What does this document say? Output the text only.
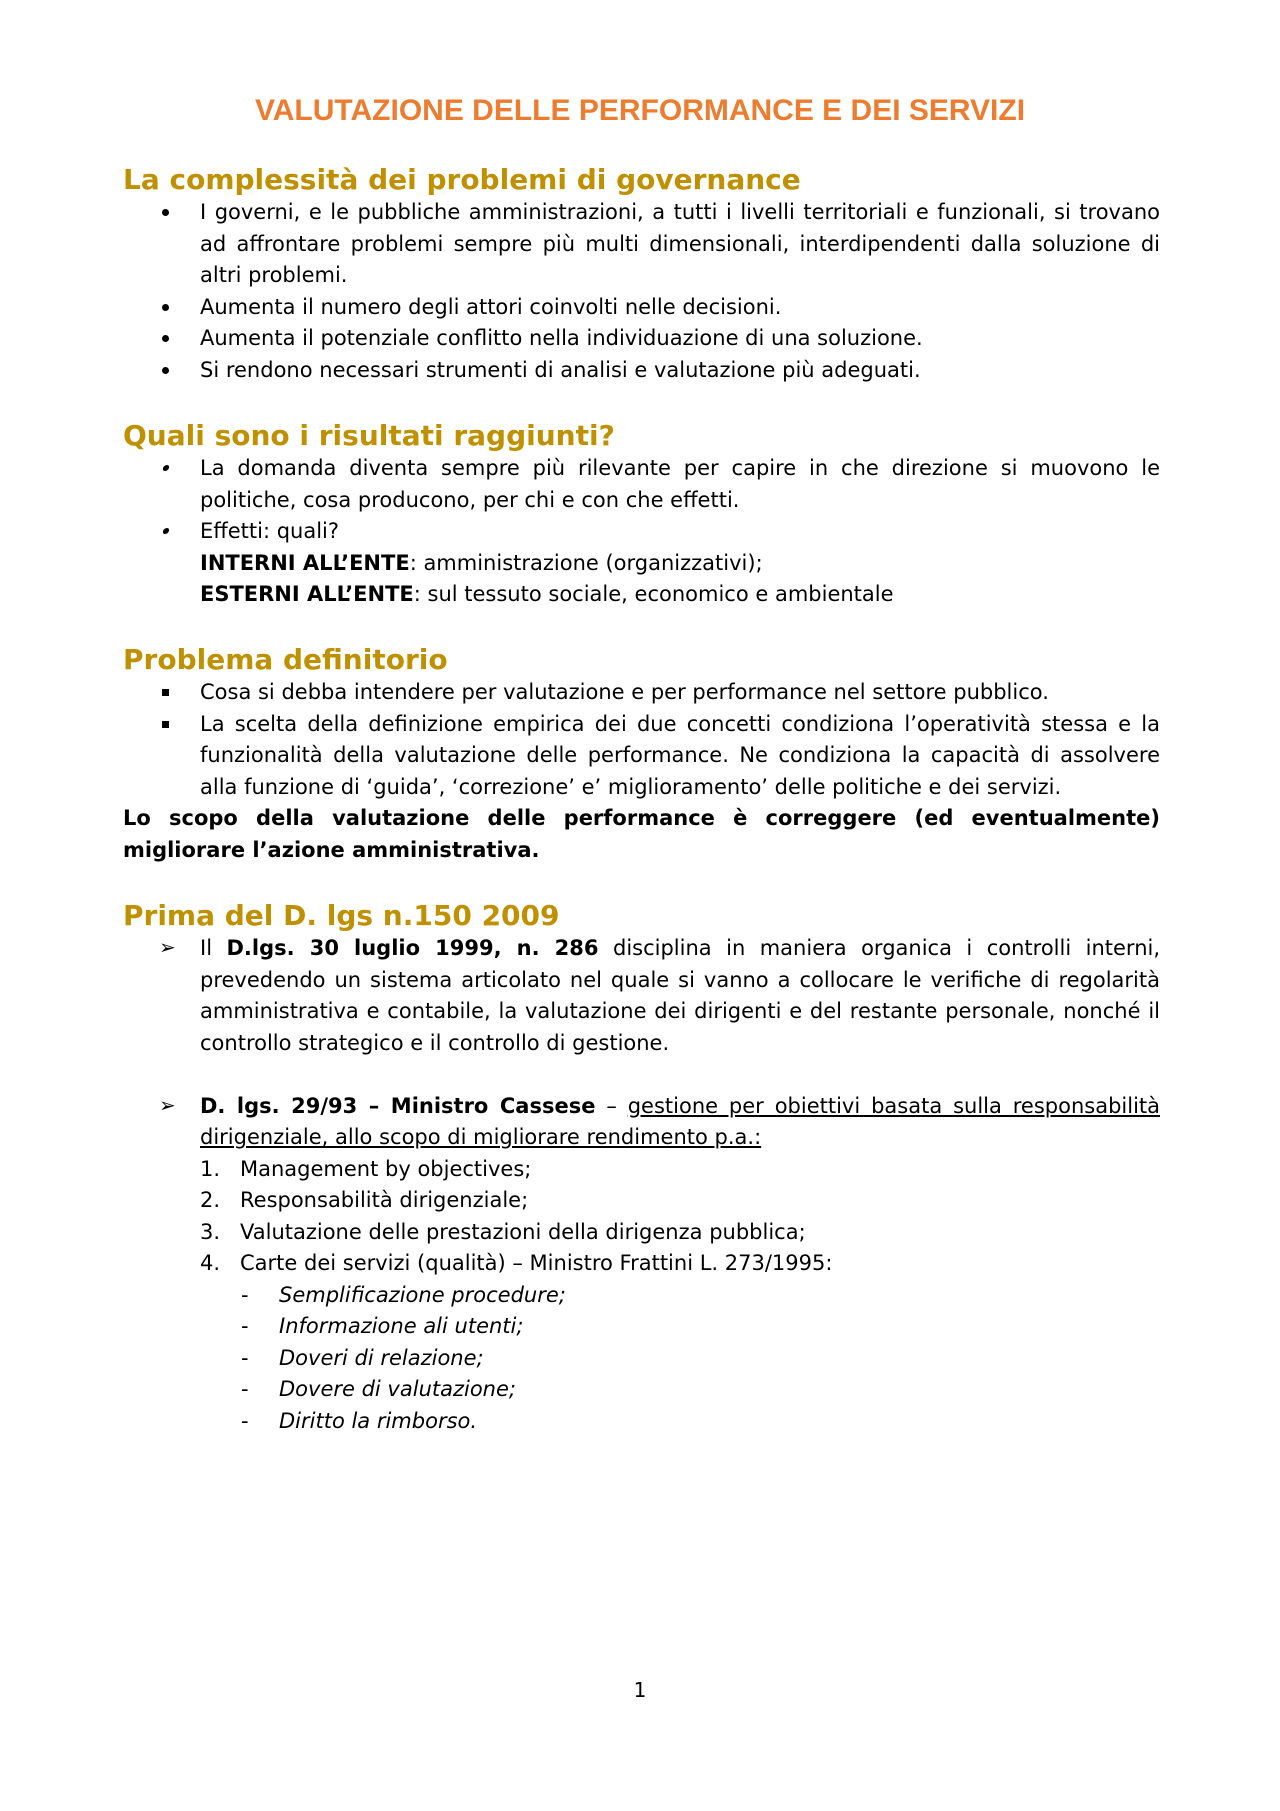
VALUTAZIONE DELLE PERFORMANCE E DEI SERVIZI
La complessità dei problemi di governance
I governi, e le pubbliche amministrazioni, a tutti i livelli territoriali e funzionali, si trovano ad affrontare problemi sempre più multi dimensionali, interdipendenti dalla soluzione di altri problemi.
Aumenta il numero degli attori coinvolti nelle decisioni.
Aumenta il potenziale conflitto nella individuazione di una soluzione.
Si rendono necessari strumenti di analisi e valutazione più adeguati.
Quali sono i risultati raggiunti?
La domanda diventa sempre più rilevante per capire in che direzione si muovono le politiche, cosa producono, per chi e con che effetti.
Effetti: quali?
INTERNI ALL’ENTE: amministrazione (organizzativi);
ESTERNI ALL’ENTE: sul tessuto sociale, economico e ambientale
Problema definitorio
Cosa si debba intendere per valutazione e per performance nel settore pubblico.
La scelta della definizione empirica dei due concetti condiziona l’operatività stessa e la funzionalità della valutazione delle performance. Ne condiziona la capacità di assolvere alla funzione di ‘guida’, ‘correzione’ e’ miglioramento’ delle politiche e dei servizi.

Lo scopo della valutazione delle performance è correggere (ed eventualmente) migliorare l’azione amministrativa.

Prima del D. lgs n.150 2009
➢	Il D.lgs. 30 luglio 1999, n. 286 disciplina in maniera organica i controlli interni, prevedendo un sistema articolato nel quale si vanno a collocare le verifiche di regolarità amministrativa e contabile, la valutazione dei dirigenti e del restante personale, nonché il controllo strategico e il controllo di gestione.
➢	D. lgs. 29/93 – Ministro Cassese – gestione per obiettivi basata sulla responsabilità dirigenziale, allo scopo di migliorare rendimento p.a.:
1. Management by objectives;
2. Responsabilità dirigenziale;
3. Valutazione delle prestazioni della dirigenza pubblica;
4. Carte dei servizi (qualità) – Ministro Frattini L. 273/1995:
- Semplificazione procedure;
- Informazione ali utenti;
- Doveri di relazione;
- Dovere di valutazione;
- Diritto la rimborso.
1
